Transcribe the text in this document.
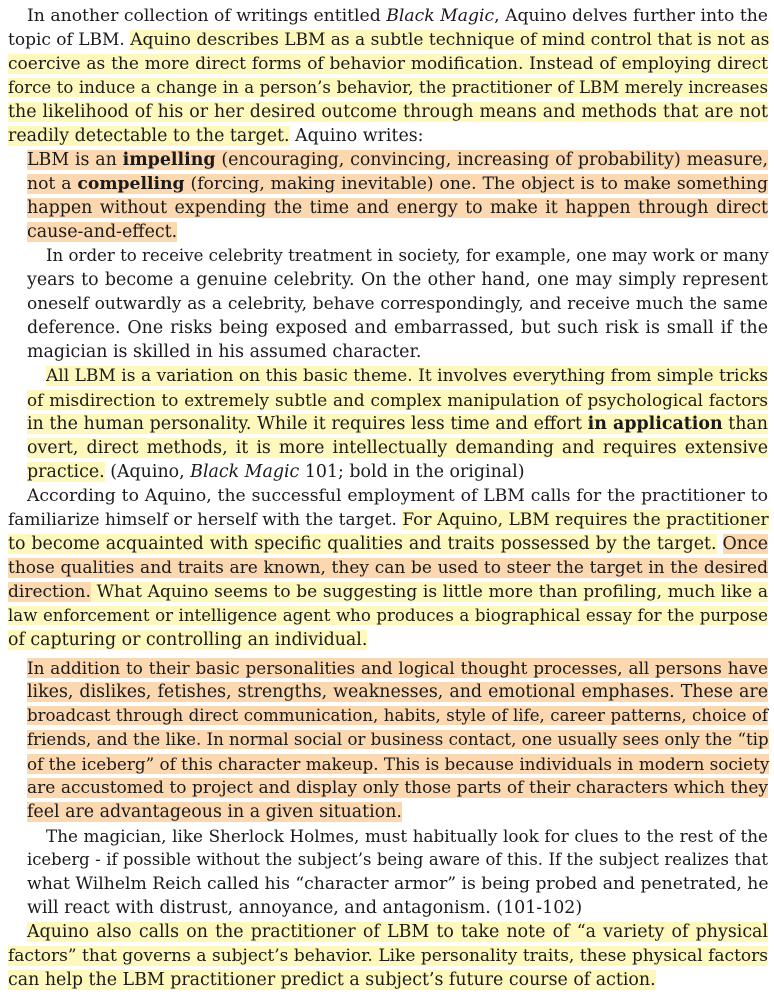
In another collection of writings entitled Black Magic, Aquino delves further into the
topic of LBM. Aquino describes LBM as a subtle technique of mind control that is not as
coercive as the more direct forms of behavior modification. Instead of employing direct
force to induce a change in a person’s behavior, the practitioner of LBM merely increases
the likelihood of his or her desired outcome through means and methods that are not
readily detectable to the target. Aquino writes:
LBM is an impelling (encouraging, convincing, increasing of probability) measure,
not a compelling (forcing, making inevitable) one. The object is to make something
happen without expending the time and energy to make it happen through direct
cause-and-effect.
In order to receive celebrity treatment in society, for example, one may work or many
years to become a genuine celebrity. On the other hand, one may simply represent
oneself outwardly as a celebrity, behave correspondingly, and receive much the same
deference. One risks being exposed and embarrassed, but such risk is small if the
magician is skilled in his assumed character.
All LBM is a variation on this basic theme. It involves everything from simple tricks
of misdirection to extremely subtle and complex manipulation of psychological factors
in the human personality. While it requires less time and effort in application than
overt, direct methods, it is more intellectually demanding and requires extensive
practice. (Aquino, Black Magic 101; bold in the original)
According to Aquino, the successful employment of LBM calls for the practitioner to
familiarize himself or herself with the target. For Aquino, LBM requires the practitioner
to become acquainted with specific qualities and traits possessed by the target. Once
those qualities and traits are known, they can be used to steer the target in the desired
direction. What Aquino seems to be suggesting is little more than profiling, much like a
law enforcement or intelligence agent who produces a biographical essay for the purpose
of capturing or controlling an individual.
In addition to their basic personalities and logical thought processes, all persons have
likes, dislikes, fetishes, strengths, weaknesses, and emotional emphases. These are
broadcast through direct communication, habits, style of life, career patterns, choice of
friends, and the like. In normal social or business contact, one usually sees only the “tip
of the iceberg” of this character makeup. This is because individuals in modern society
are accustomed to project and display only those parts of their characters which they
feel are advantageous in a given situation.
The magician, like Sherlock Holmes, must habitually look for clues to the rest of the
iceberg - if possible without the subject’s being aware of this. If the subject realizes that
what Wilhelm Reich called his “character armor” is being probed and penetrated, he
will react with distrust, annoyance, and antagonism. (101-102)
Aquino also calls on the practitioner of LBM to take note of “a variety of physical
factors” that governs a subject’s behavior. Like personality traits, these physical factors
can help the LBM practitioner predict a subject’s future course of action.
